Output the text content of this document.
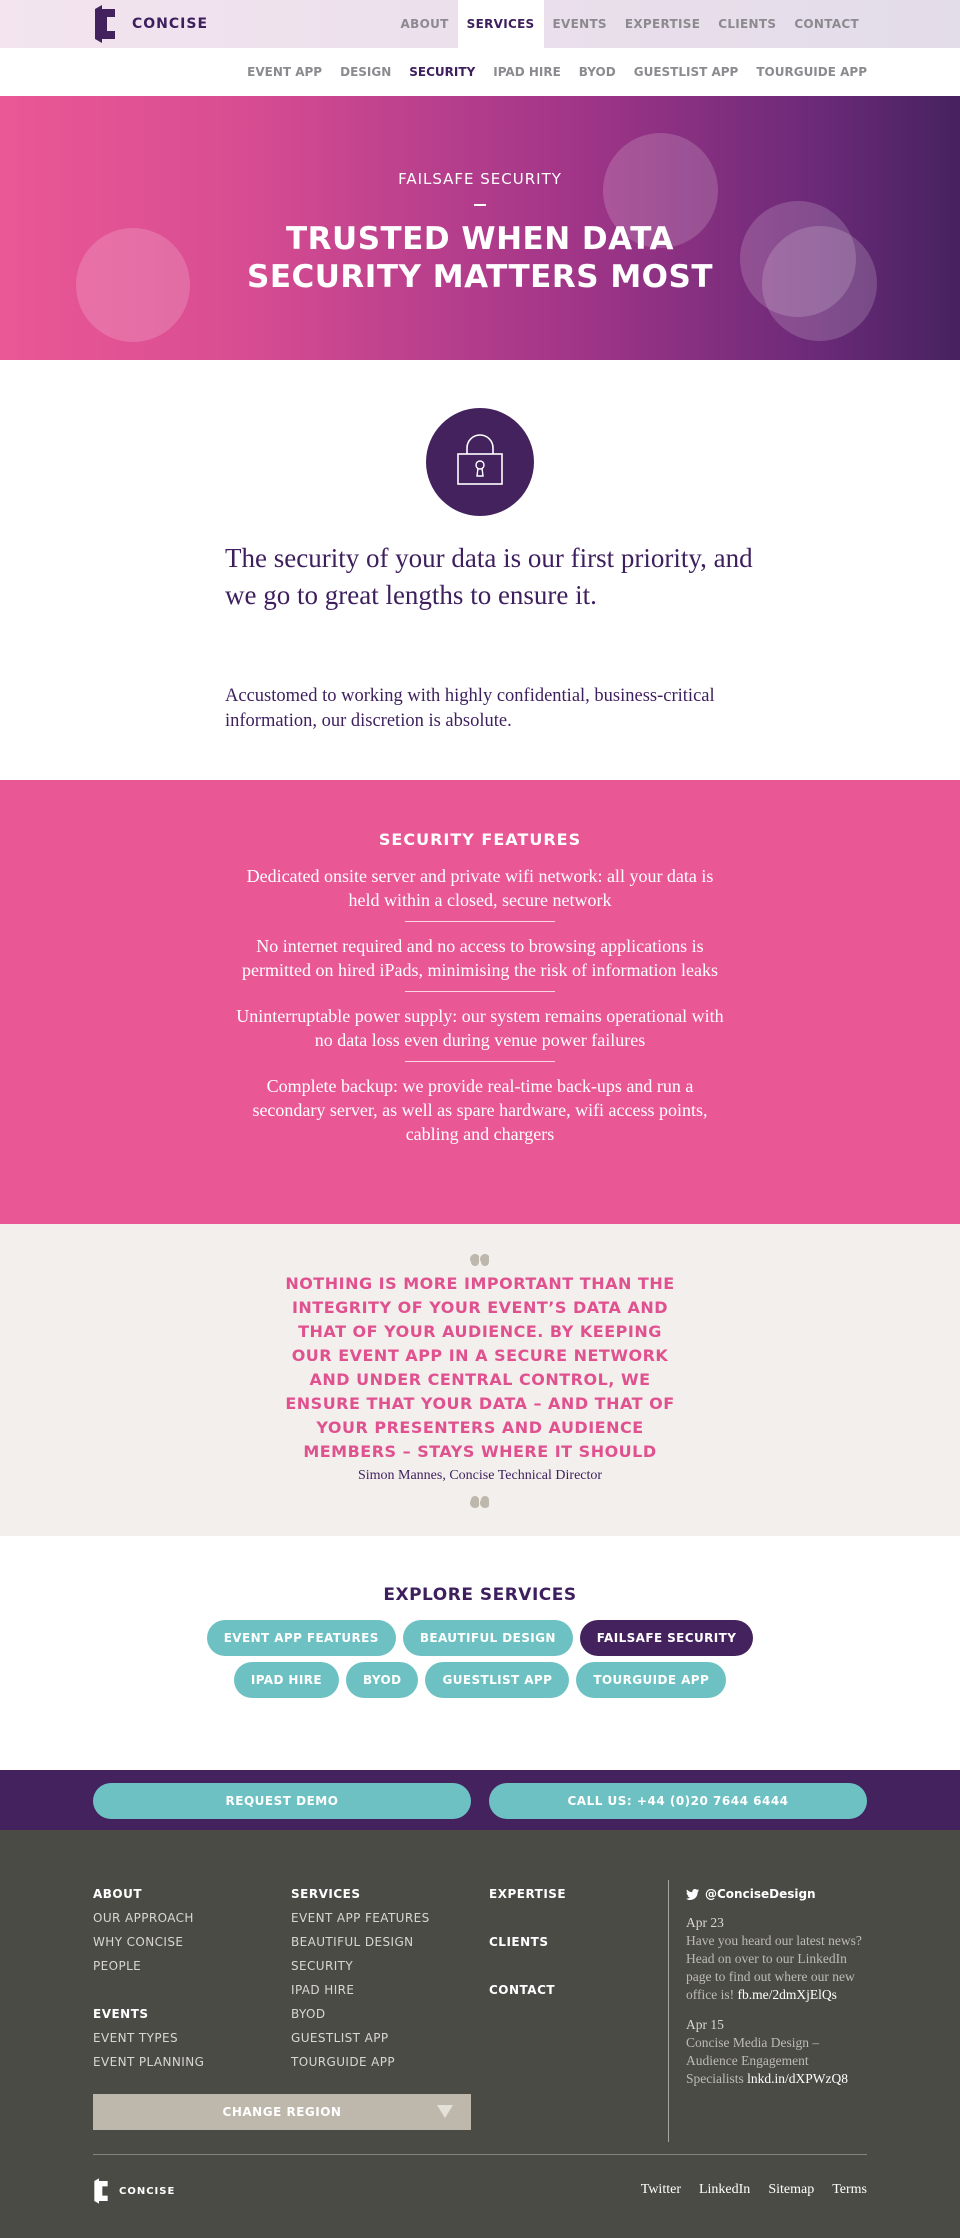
CONCISE	ABOUT	SERVICES	EVENTS	EXPERTISE	CLIENTS	CONTACT
EVENT APP	DESIGN	SECURITY	IPAD HIRE	BYOD	GUESTLIST APP	TOURGUIDE APP
FAILSAFE SECURITY
TRUSTED WHEN DATA
SECURITY MATTERS MOST

The security of your data is our first priority, and we go to great lengths to ensure it.

Accustomed to working with highly confidential, business-critical information, our discretion is absolute.

SECURITY FEATURES

Dedicated onsite server and private wifi network: all your data is held within a closed, secure network

No internet required and no access to browsing applications is permitted on hired iPads, minimising the risk of information leaks

Uninterruptable power supply: our system remains operational with no data loss even during venue power failures

Complete backup: we provide real-time back-ups and run a secondary server, as well as spare hardware, wifi access points, cabling and chargers

NOTHING IS MORE IMPORTANT THAN THE INTEGRITY OF YOUR EVENT’S DATA AND THAT OF YOUR AUDIENCE. BY KEEPING OUR EVENT APP IN A SECURE NETWORK AND UNDER CENTRAL CONTROL, WE ENSURE THAT YOUR DATA – AND THAT OF YOUR PRESENTERS AND AUDIENCE MEMBERS – STAYS WHERE IT SHOULD

Simon Mannes, Concise Technical Director

EXPLORE SERVICES
EVENT APP FEATURES	BEAUTIFUL DESIGN	FAILSAFE SECURITY
IPAD HIRE	BYOD	GUESTLIST APP	TOURGUIDE APP
REQUEST DEMO	CALL US: +44 (0)20 7644 6444
ABOUT
OUR APPROACH
WHY CONCISE
PEOPLE
EVENTS
EVENT TYPES
EVENT PLANNING
SERVICES
EVENT APP FEATURES
BEAUTIFUL DESIGN
SECURITY
IPAD HIRE
BYOD
GUESTLIST APP
TOURGUIDE APP
EXPERTISE
CLIENTS
CONTACT
CHANGE REGION
@ConciseDesign
Apr 23
Have you heard our latest news? Head on over to our LinkedIn page to find out where our new office is! fb.me/2dmXjElQs
Apr 15
Concise Media Design – Audience Engagement Specialists lnkd.in/dXPWzQ8
CONCISE	Twitter LinkedIn Sitemap Terms
